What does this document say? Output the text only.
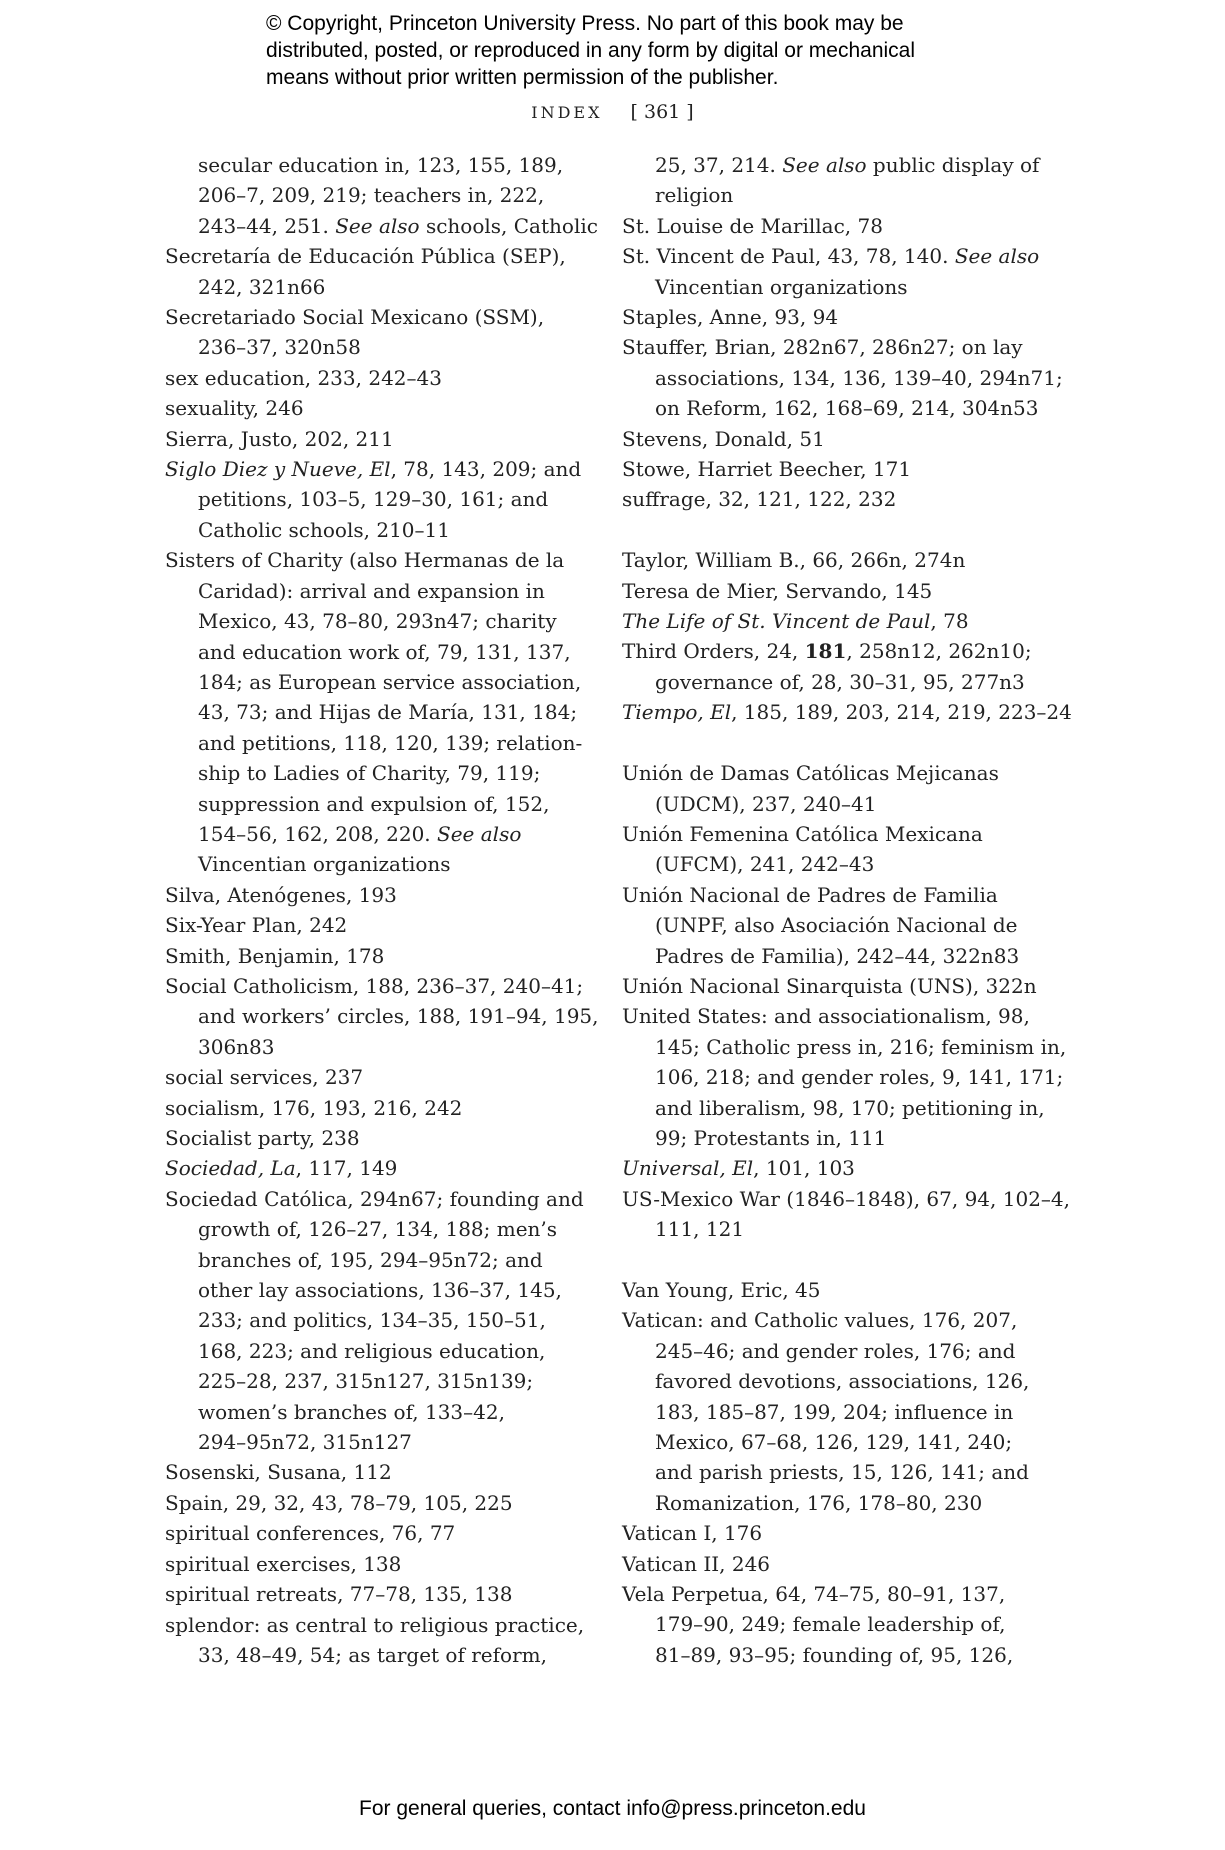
© Copyright, Princeton University Press. No part of this book may be
distributed, posted, or reproduced in any form by digital or mechanical
means without prior written permission of the publisher.
INDEX [ 361 ]
secular education in, 123, 155, 189,
206–7, 209, 219; teachers in, 222,
243–44, 251. See also schools, Catholic
Secretaría de Educación Pública (SEP),
242, 321n66
Secretariado Social Mexicano (SSM),
236–37, 320n58
sex education, 233, 242–43
sexuality, 246
Sierra, Justo, 202, 211
Siglo Diez y Nueve, El, 78, 143, 209; and
petitions, 103–5, 129–30, 161; and
Catholic schools, 210–11
Sisters of Charity (also Hermanas de la
Caridad): arrival and expansion in
Mexico, 43, 78–80, 293n47; charity
and education work of, 79, 131, 137,
184; as European service association,
43, 73; and Hijas de María, 131, 184;
and petitions, 118, 120, 139; relation-
ship to Ladies of Charity, 79, 119;
suppression and expulsion of, 152,
154–56, 162, 208, 220. See also
Vincentian organizations
Silva, Atenógenes, 193
Six-Year Plan, 242
Smith, Benjamin, 178
Social Catholicism, 188, 236–37, 240–41;
and workers’ circles, 188, 191–94, 195,
306n83
social services, 237
socialism, 176, 193, 216, 242
Socialist party, 238
Sociedad, La, 117, 149
Sociedad Católica, 294n67; founding and
growth of, 126–27, 134, 188; men’s
branches of, 195, 294–95n72; and
other lay associations, 136–37, 145,
233; and politics, 134–35, 150–51,
168, 223; and religious education,
225–28, 237, 315n127, 315n139;
women’s branches of, 133–42,
294–95n72, 315n127
Sosenski, Susana, 112
Spain, 29, 32, 43, 78–79, 105, 225
spiritual conferences, 76, 77
spiritual exercises, 138
spiritual retreats, 77–78, 135, 138
splendor: as central to religious practice,
33, 48–49, 54; as target of reform,
25, 37, 214. See also public display of
religion
St. Louise de Marillac, 78
St. Vincent de Paul, 43, 78, 140. See also
Vincentian organizations
Staples, Anne, 93, 94
Stauffer, Brian, 282n67, 286n27; on lay
associations, 134, 136, 139–40, 294n71;
on Reform, 162, 168–69, 214, 304n53
Stevens, Donald, 51
Stowe, Harriet Beecher, 171
suffrage, 32, 121, 122, 232
Taylor, William B., 66, 266n, 274n
Teresa de Mier, Servando, 145
The Life of St. Vincent de Paul, 78
Third Orders, 24, 181, 258n12, 262n10;
governance of, 28, 30–31, 95, 277n3
Tiempo, El, 185, 189, 203, 214, 219, 223–24
Unión de Damas Católicas Mejicanas
(UDCM), 237, 240–41
Unión Femenina Católica Mexicana
(UFCM), 241, 242–43
Unión Nacional de Padres de Familia
(UNPF, also Asociación Nacional de
Padres de Familia), 242–44, 322n83
Unión Nacional Sinarquista (UNS), 322n
United States: and associationalism, 98,
145; Catholic press in, 216; feminism in,
106, 218; and gender roles, 9, 141, 171;
and liberalism, 98, 170; petitioning in,
99; Protestants in, 111
Universal, El, 101, 103
US-Mexico War (1846–1848), 67, 94, 102–4,
111, 121
Van Young, Eric, 45
Vatican: and Catholic values, 176, 207,
245–46; and gender roles, 176; and
favored devotions, associations, 126,
183, 185–87, 199, 204; influence in
Mexico, 67–68, 126, 129, 141, 240;
and parish priests, 15, 126, 141; and
Romanization, 176, 178–80, 230
Vatican I, 176
Vatican II, 246
Vela Perpetua, 64, 74–75, 80–91, 137,
179–90, 249; female leadership of,
81–89, 93–95; founding of, 95, 126,
For general queries, contact info@press.princeton.edu
